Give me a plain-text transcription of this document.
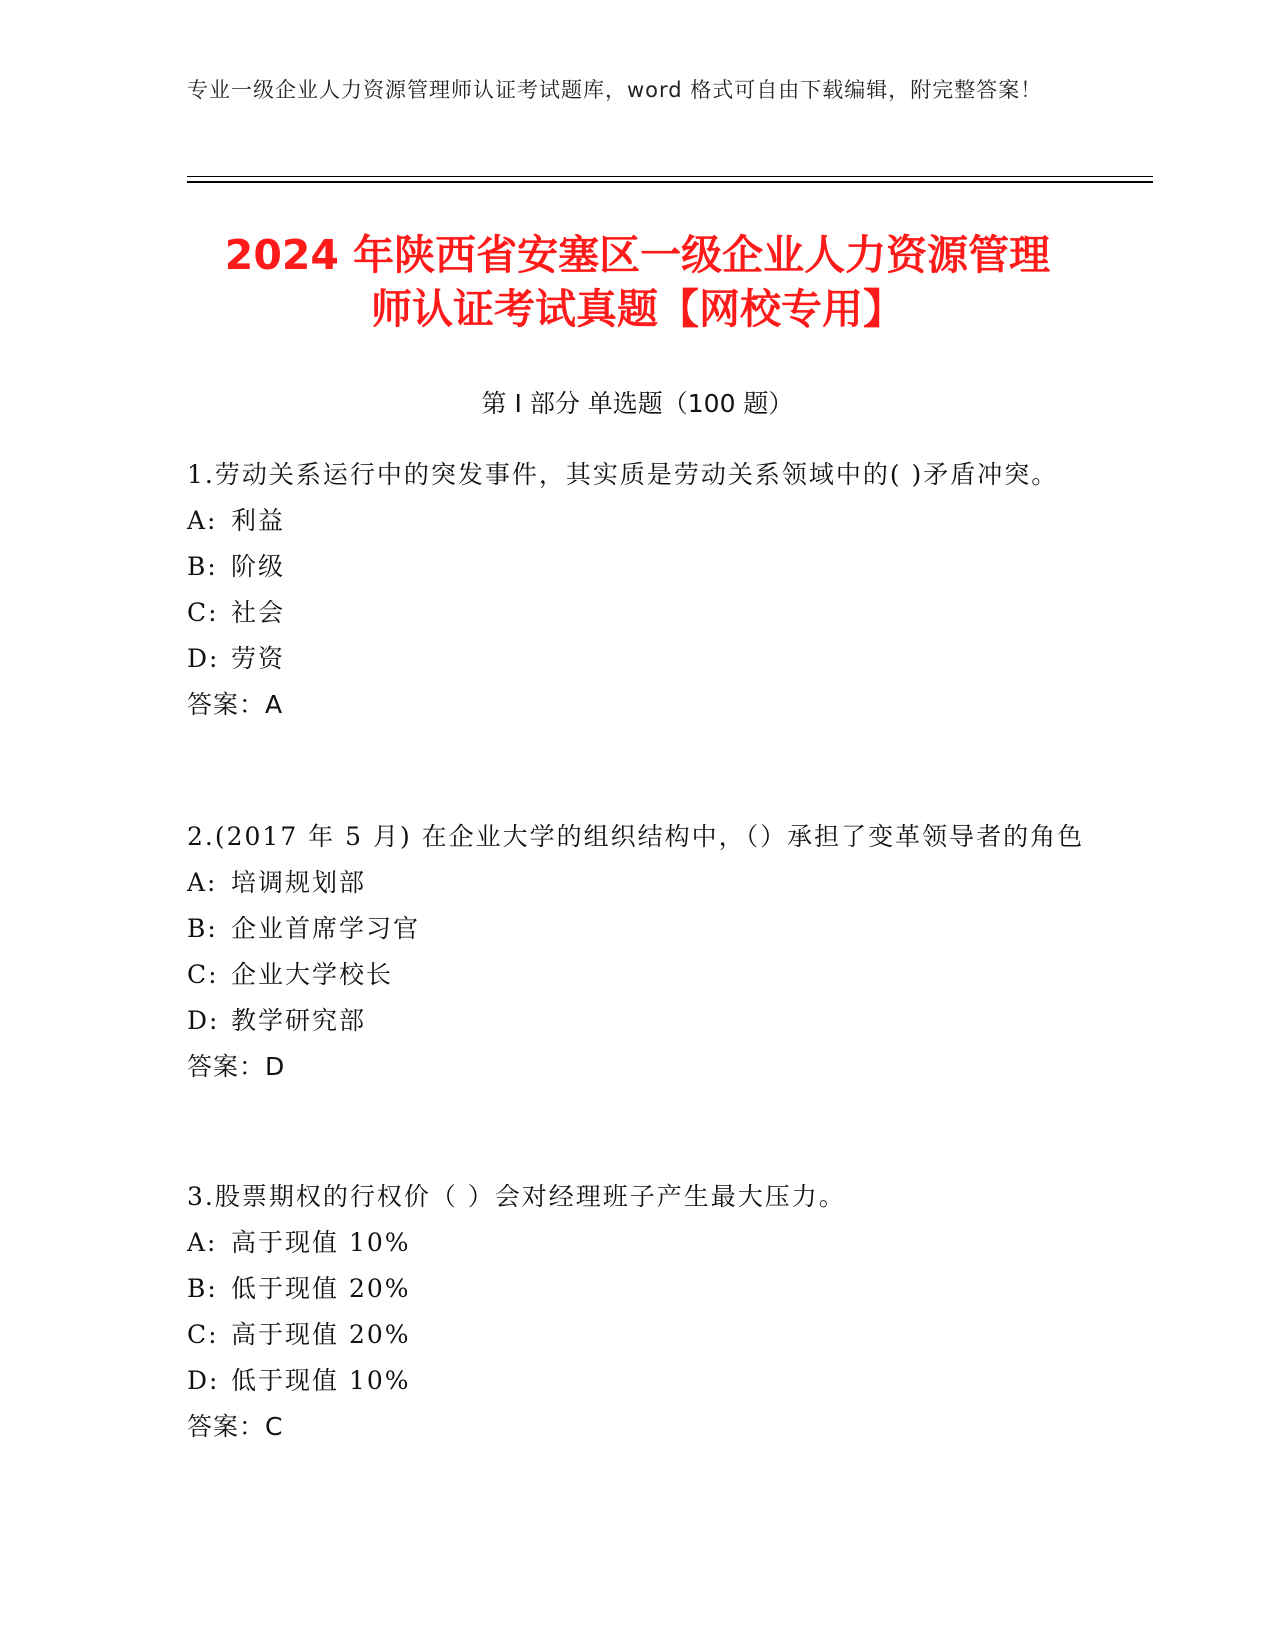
专业一级企业人力资源管理师认证考试题库，word 格式可自由下载编辑，附完整答案！
2024 年陕西省安塞区一级企业人力资源管理
师认证考试真题【网校专用】
第 I 部分 单选题（100 题）
1.劳动关系运行中的突发事件，其实质是劳动关系领域中的( )矛盾冲突。
A: 利益
B: 阶级
C: 社会
D: 劳资
答案：A
2.(2017 年 5 月) 在企业大学的组织结构中，（）承担了变革领导者的角色
A: 培调规划部
B: 企业首席学习官
C: 企业大学校长
D: 教学研究部
答案：D
3.股票期权的行权价（ ）会对经理班子产生最大压力。
A: 高于现值 10%
B: 低于现值 20%
C: 高于现值 20%
D: 低于现值 10%
答案：C
